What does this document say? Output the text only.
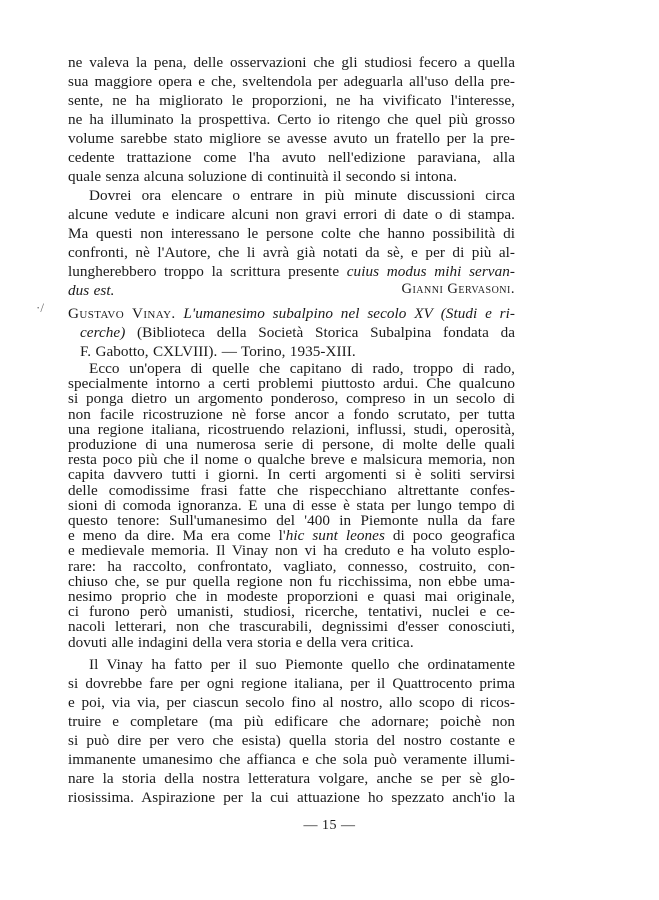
ne valeva la pena, delle osservazioni che gli studiosi fecero a quella
sua maggiore opera e che, sveltendola per adeguarla all'uso della pre-
sente, ne ha migliorato le proporzioni, ne ha vivificato l'interesse,
ne ha illuminato la prospettiva. Certo io ritengo che quel più grosso
volume sarebbe stato migliore se avesse avuto un fratello per la pre-
cedente trattazione come l'ha avuto nell'edizione paraviana, alla
quale senza alcuna soluzione di continuità il secondo si intona.
Dovrei ora elencare o entrare in più minute discussioni circa
alcune vedute e indicare alcuni non gravi errori di date o di stampa.
Ma questi non interessano le persone colte che hanno possibilità di
confronti, nè l'Autore, che li avrà già notati da sè, e per di più al-
lungherebbero troppo la scrittura presente cuius modus mihi servan-
dus est.	Gianni Gervasoni.
·/ Gustavo Vinay. L'umanesimo subalpino nel secolo XV (Studi e ri-
cerche) (Biblioteca della Società Storica Subalpina fondata da
F. Gabotto, CXLVIII). — Torino, 1935-XIII.
Ecco un'opera di quelle che capitano di rado, troppo di rado,
specialmente intorno a certi problemi piuttosto ardui. Che qualcuno
si ponga dietro un argomento ponderoso, compreso in un secolo di
non facile ricostruzione nè forse ancor a fondo scrutato, per tutta
una regione italiana, ricostruendo relazioni, influssi, studi, operosità,
produzione di una numerosa serie di persone, di molte delle quali
resta poco più che il nome o qualche breve e malsicura memoria, non
capita davvero tutti i giorni. In certi argomenti si è soliti servirsi
delle comodissime frasi fatte che rispecchiano altrettante confes-
sioni di comoda ignoranza. E una di esse è stata per lungo tempo di
questo tenore: Sull'umanesimo del '400 in Piemonte nulla da fare
e meno da dire. Ma era come l'hic sunt leones di poco geografica
e medievale memoria. Il Vinay non vi ha creduto e ha voluto esplo-
rare: ha raccolto, confrontato, vagliato, connesso, costruito, con-
chiuso che, se pur quella regione non fu ricchissima, non ebbe uma-
nesimo proprio che in modeste proporzioni e quasi mai originale,
ci furono però umanisti, studiosi, ricerche, tentativi, nuclei e ce-
nacoli letterari, non che trascurabili, degnissimi d'esser conosciuti,
dovuti alle indagini della vera storia e della vera critica.
Il Vinay ha fatto per il suo Piemonte quello che ordinatamente
si dovrebbe fare per ogni regione italiana, per il Quattrocento prima
e poi, via via, per ciascun secolo fino al nostro, allo scopo di ricos-
truire e completare (ma più edificare che adornare; poichè non
si può dire per vero che esista) quella storia del nostro costante e
immanente umanesimo che affianca e che sola può veramente illumi-
nare la storia della nostra letteratura volgare, anche se per sè glo-
riosissima. Aspirazione per la cui attuazione ho spezzato anch'io la
— 15 —
